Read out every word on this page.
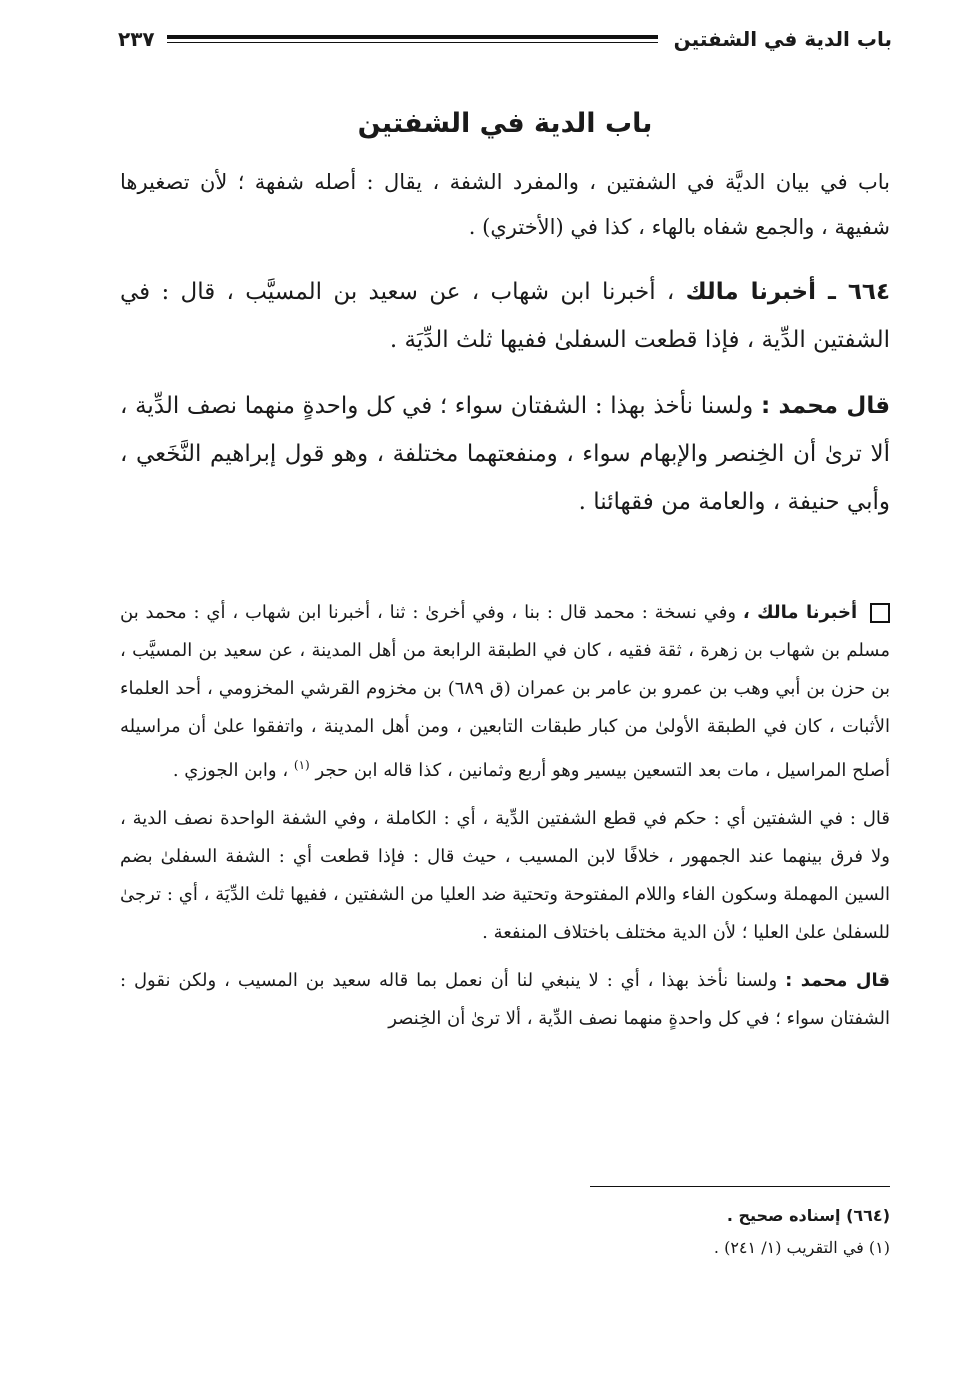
باب الدية في الشفتين
٢٣٧
باب الدية في الشفتين

باب في بيان الديَّة في الشفتين ، والمفرد الشفة ، يقال : أصله شفهة ؛ لأن تصغيرها شفيهة ، والجمع شفاه بالهاء ، كذا في (الأختري) .

٦٦٤ ـ أخبرنا مالك ، أخبرنا ابن شهاب ، عن سعيد بن المسيَّب ، قال : في الشفتين الدِّية ، فإذا قطعت السفلىٰ ففيها ثلث الدِّيَة .

قال محمد : ولسنا نأخذ بهذا : الشفتان سواء ؛ في كل واحدةٍ منهما نصف الدِّية ، ألا ترىٰ أن الخِنصر والإبهام سواء ، ومنفعتهما مختلفة ، وهو قول إبراهيم النَّخَعي ، وأبي حنيفة ، والعامة من فقهائنا .

أخبرنا مالك ، وفي نسخة : محمد قال : بنا ، وفي أخرىٰ : ثنا ، أخبرنا ابن شهاب ، أي : محمد بن مسلم بن شهاب بن زهرة ، ثقة فقيه ، كان في الطبقة الرابعة من أهل المدينة ، عن سعيد بن المسيَّب ، بن حزن بن أبي وهب بن عمرو بن عامر بن عمران (ق ٦٨٩) بن مخزوم القرشي المخزومي ، أحد العلماء الأثبات ، كان في الطبقة الأولىٰ من كبار طبقات التابعين ، ومن أهل المدينة ، واتفقوا علىٰ أن مراسيله أصلح المراسيل ، مات بعد التسعين بيسير وهو أربع وثمانين ، كذا قاله ابن حجر $^{(١)}$ ، وابن الجوزي .

قال : في الشفتين أي : حكم في قطع الشفتين الدِّية ، أي : الكاملة ، وفي الشفة الواحدة نصف الدية ، ولا فرق بينهما عند الجمهور ، خلافًا لابن المسيب ، حيث قال : فإذا قطعت أي : الشفة السفلىٰ بضم السين المهملة وسكون الفاء واللام المفتوحة وتحتية ضد العليا من الشفتين ، ففيها ثلث الدِّيَة ، أي : ترجىٰ للسفلىٰ علىٰ العليا ؛ لأن الدية مختلف باختلاف المنفعة .

قال محمد : ولسنا نأخذ بهذا ، أي : لا ينبغي لنا أن نعمل بما قاله سعيد بن المسيب ، ولكن نقول : الشفتان سواء ؛ في كل واحدةٍ منهما نصف الدِّية ، ألا ترىٰ أن الخِنصر

(٦٦٤) إسناده صحيح .
(١) في التقريب (١/ ٢٤١) .
